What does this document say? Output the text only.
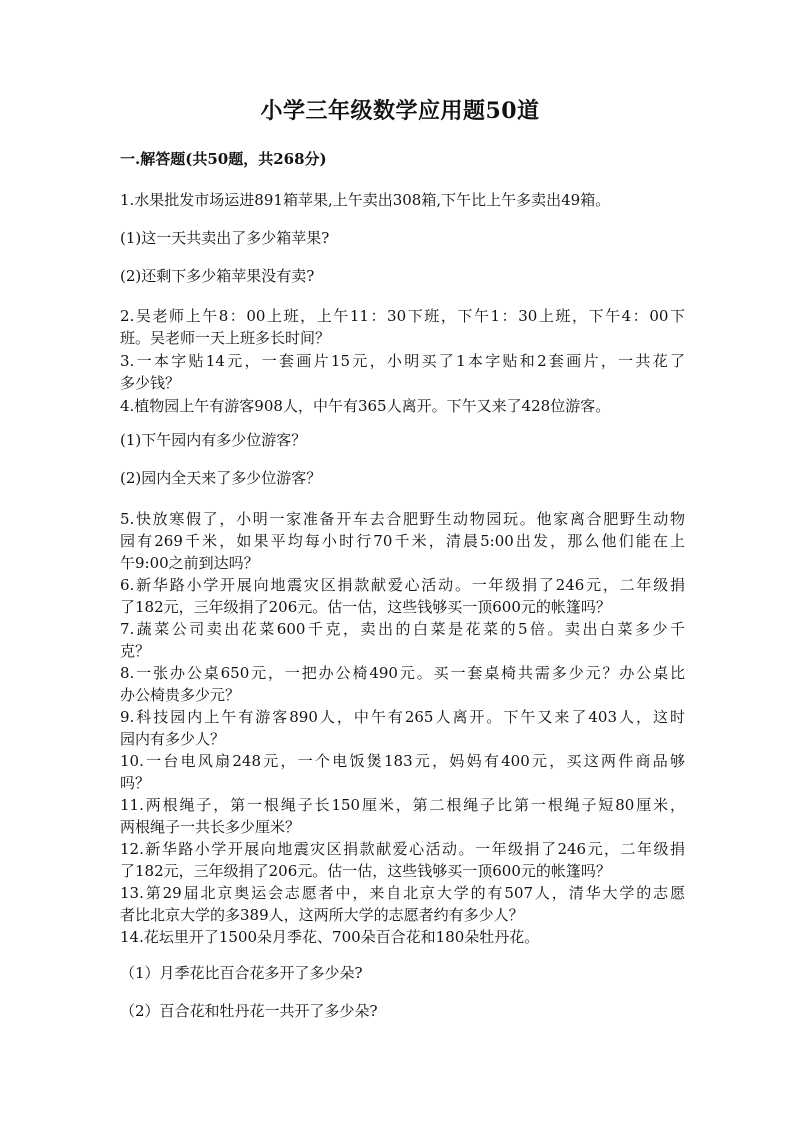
小学三年级数学应用题50道
一.解答题(共50题，共268分)
1.水果批发市场运进891箱苹果,上午卖出308箱,下午比上午多卖出49箱。
(1)这一天共卖出了多少箱苹果?
(2)还剩下多少箱苹果没有卖?
2.吴老师上午8：00上班，上午11：30下班，下午1：30上班，下午4：00下
班。吴老师一天上班多长时间？
3.一本字贴14元，一套画片15元，小明买了1本字贴和2套画片，一共花了
多少钱？
4.植物园上午有游客908人，中午有365人离开。下午又来了428位游客。
(1)下午园内有多少位游客？
(2)园内全天来了多少位游客？
5.快放寒假了，小明一家准备开车去合肥野生动物园玩。他家离合肥野生动物
园有269千米，如果平均每小时行70千米，清晨5:00出发，那么他们能在上
午9:00之前到达吗？
6.新华路小学开展向地震灾区捐款献爱心活动。一年级捐了246元，二年级捐
了182元，三年级捐了206元。估一估，这些钱够买一顶600元的帐篷吗？
7.蔬菜公司卖出花菜600千克，卖出的白菜是花菜的5倍。卖出白菜多少千
克？
8.一张办公桌650元，一把办公椅490元。买一套桌椅共需多少元？办公桌比
办公椅贵多少元？
9.科技园内上午有游客890人，中午有265人离开。下午又来了403人，这时
园内有多少人？
10.一台电风扇248元，一个电饭煲183元，妈妈有400元，买这两件商品够
吗？
11.两根绳子，第一根绳子长150厘米，第二根绳子比第一根绳子短80厘米，
两根绳子一共长多少厘米？
12.新华路小学开展向地震灾区捐款献爱心活动。一年级捐了246元，二年级捐
了182元，三年级捐了206元。估一估，这些钱够买一顶600元的帐篷吗？
13.第29届北京奥运会志愿者中，来自北京大学的有507人，清华大学的志愿
者比北京大学的多389人，这两所大学的志愿者约有多少人？
14.花坛里开了1500朵月季花、700朵百合花和180朵牡丹花。
（1）月季花比百合花多开了多少朵?
（2）百合花和牡丹花一共开了多少朵?
